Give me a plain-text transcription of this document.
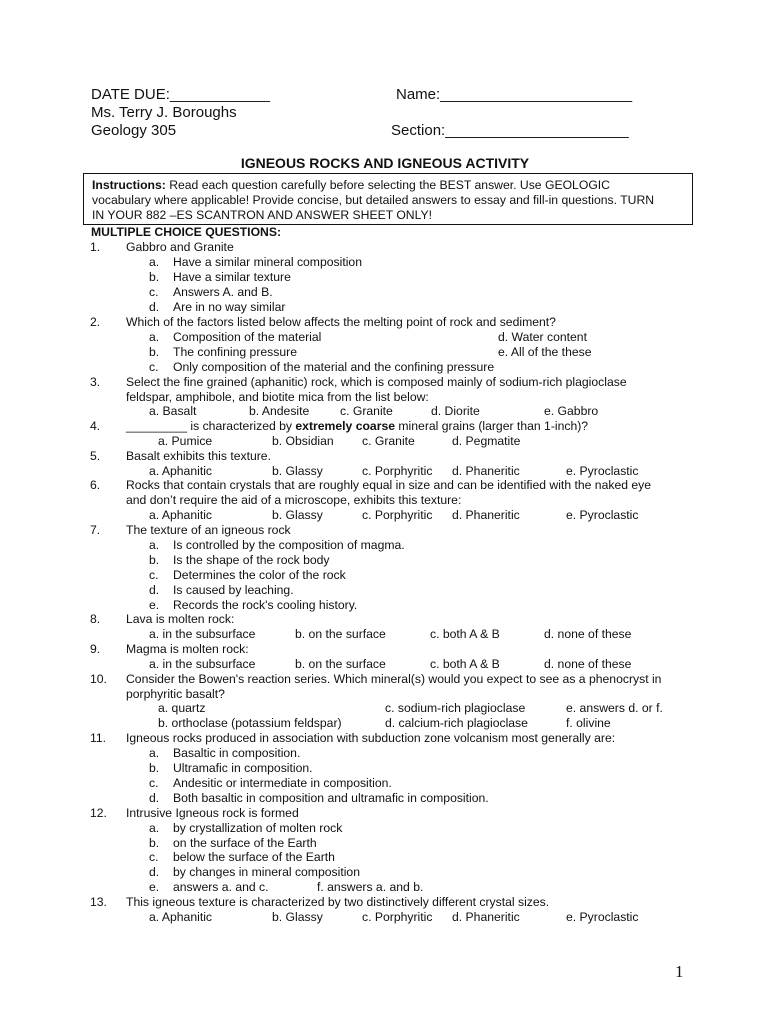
DATE DUE:____________
Ms. Terry J. Boroughs
Geology 305
Name:_______________________
Section:______________________
IGNEOUS ROCKS AND IGNEOUS ACTIVITY
Instructions: Read each question carefully before selecting the BEST answer. Use GEOLOGIC
vocabulary where applicable! Provide concise, but detailed answers to essay and fill-in questions. TURN
IN YOUR 882 –ES SCANTRON AND ANSWER SHEET ONLY!
MULTIPLE CHOICE QUESTIONS:
1. Gabbro and Granite
a. Have a similar mineral composition
b. Have a similar texture
c. Answers A. and B.
d. Are in no way similar
2. Which of the factors listed below affects the melting point of rock and sediment?
a. Composition of the material	d. Water content
b. The confining pressure	e. All of the these
c. Only composition of the material and the confining pressure
3. Select the fine grained (aphanitic) rock, which is composed mainly of sodium-rich plagioclase
feldspar, amphibole, and biotite mica from the list below:
a. Basalt	b. Andesite	c. Granite	d. Diorite	e. Gabbro
4. _________ is characterized by extremely coarse mineral grains (larger than 1-inch)?
a. Pumice	b. Obsidian c. Granite	d. Pegmatite
5. Basalt exhibits this texture.
a. Aphanitic	b. Glassy	c. Porphyritic d. Phaneritic	e. Pyroclastic
6. Rocks that contain crystals that are roughly equal in size and can be identified with the naked eye
and don’t require the aid of a microscope, exhibits this texture:
a. Aphanitic	b. Glassy	c. Porphyritic d. Phaneritic	e. Pyroclastic
7. The texture of an igneous rock
a. Is controlled by the composition of magma.
b. Is the shape of the rock body
c. Determines the color of the rock
d. Is caused by leaching.
e. Records the rock's cooling history.
8. Lava is molten rock:
a. in the subsurface	b. on the surface	c. both A & B	d. none of these
9. Magma is molten rock:
a. in the subsurface	b. on the surface	c. both A & B	d. none of these
10. Consider the Bowen's reaction series. Which mineral(s) would you expect to see as a phenocryst in
porphyritic basalt?
a. quartz	c. sodium-rich plagioclase	e. answers d. or f.
b. orthoclase (potassium feldspar)	d. calcium-rich plagioclase	f. olivine
11. Igneous rocks produced in association with subduction zone volcanism most generally are:
a. Basaltic in composition.
b. Ultramafic in composition.
c. Andesitic or intermediate in composition.
d. Both basaltic in composition and ultramafic in composition.
12. Intrusive Igneous rock is formed
a. by crystallization of molten rock
b. on the surface of the Earth
c. below the surface of the Earth
d. by changes in mineral composition
e. answers a. and c.	f. answers a. and b.
13. This igneous texture is characterized by two distinctively different crystal sizes.
a. Aphanitic	b. Glassy	c. Porphyritic d. Phaneritic	e. Pyroclastic
1
